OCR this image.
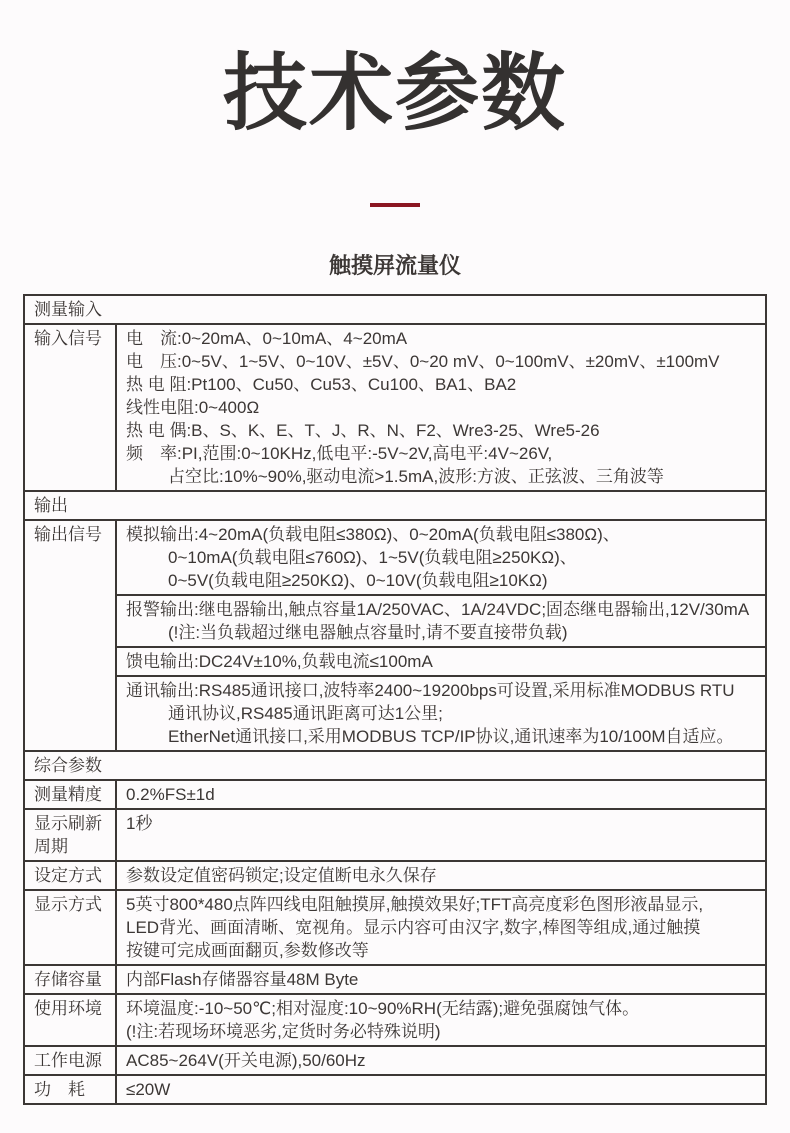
技术参数
触摸屏流量仪
测量输入	
输入信号	电　流:0~20mA、0~10mA、4~20mA
电　压:0~5V、1~5V、0~10V、±5V、0~20 mV、0~100mV、±20mV、±100mV
热 电 阻:Pt100、Cu50、Cu53、Cu100、BA1、BA2
线性电阻:0~400Ω
热 电 偶:B、S、K、E、T、J、R、N、F2、Wre3-25、Wre5-26
频　率:PI,范围:0~10KHz,低电平:-5V~2V,高电平:4V~26V,
占空比:10%~90%,驱动电流>1.5mA,波形:方波、正弦波、三角波等

输出	
输出信号	模拟输出:4~20mA(负载电阻≤380Ω)、0~20mA(负载电阻≤380Ω)、
0~10mA(负载电阻≤760Ω)、1~5V(负载电阻≥250KΩ)、
0~5V(负载电阻≥250KΩ)、0~10V(负载电阻≥10KΩ)

	报警输出:继电器输出,触点容量1A/250VAC、1A/24VDC;固态继电器输出,12V/30mA
(!注:当负载超过继电器触点容量时,请不要直接带负载)

	馈电输出:DC24V±10%,负载电流≤100mA

	通讯输出:RS485通讯接口,波特率2400~19200bps可设置,采用标准MODBUS RTU
通讯协议,RS485通讯距离可达1公里;
EtherNet通讯接口,采用MODBUS TCP/IP协议,通讯速率为10/100M自适应。

综合参数	
测量精度	0.2%FS±1d

显示刷新周期	1秒

设定方式	参数设定值密码锁定;设定值断电永久保存

显示方式	5英寸800*480点阵四线电阻触摸屏,触摸效果好;TFT高亮度彩色图形液晶显示,
LED背光、画面清晰、宽视角。显示内容可由汉字,数字,棒图等组成,通过触摸
按键可完成画面翻页,参数修改等

存储容量	内部Flash存储器容量48M Byte

使用环境	环境温度:-10~50℃;相对湿度:10~90%RH(无结露);避免强腐蚀气体。
(!注:若现场环境恶劣,定货时务必特殊说明)

工作电源	AC85~264V(开关电源),50/60Hz

功　耗	≤20W
